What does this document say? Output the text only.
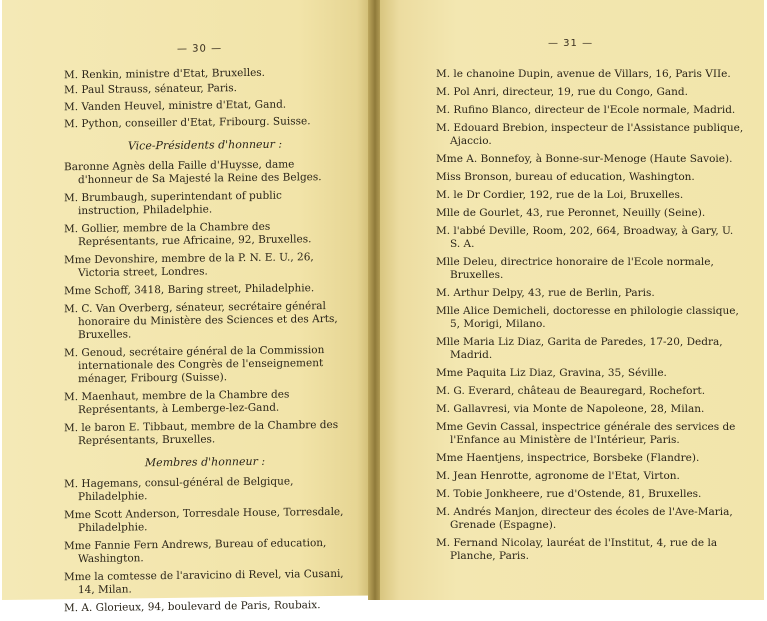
— 30 —
M. Renkin, ministre d'Etat, Bruxelles.
M. Paul Strauss, sénateur, Paris.
M. Vanden Heuvel, ministre d'Etat, Gand.
M. Python, conseiller d'Etat, Fribourg. Suisse.
Vice-Présidents d'honneur :
Baronne Agnès della Faille d'Huysse, dame d'honneur de Sa Majesté la Reine des Belges.
M. Brumbaugh, superintendant of public instruction, Philadelphie.
M. Gollier, membre de la Chambre des Représentants, rue Africaine, 92, Bruxelles.
Mme Devonshire, membre de la P. N. E. U., 26, Victoria street, Londres.
Mme Schoff, 3418, Baring street, Philadelphie.
M. C. Van Overberg, sénateur, secrétaire général honoraire du Ministère des Sciences et des Arts, Bruxelles.
M. Genoud, secrétaire général de la Commission internationale des Congrès de l'enseignement ménager, Fribourg (Suisse).
M. Maenhaut, membre de la Chambre des Représentants, à Lemberge-lez-Gand.
M. le baron E. Tibbaut, membre de la Chambre des Représentants, Bruxelles.
Membres d'honneur :
M. Hagemans, consul-général de Belgique, Philadelphie.
Mme Scott Anderson, Torresdale House, Torresdale, Philadelphie.
Mme Fannie Fern Andrews, Bureau of education, Washington.
Mme la comtesse de l'aravicino di Revel, via Cusani, 14, Milan.
M. A. Glorieux, 94, boulevard de Paris, Roubaix.
— 31 —
M. le chanoine Dupin, avenue de Villars, 16, Paris VIIe.
M. Pol Anri, directeur, 19, rue du Congo, Gand.
M. Rufino Blanco, directeur de l'Ecole normale, Madrid.
M. Edouard Brebion, inspecteur de l'Assistance publique, Ajaccio.
Mme A. Bonnefoy, à Bonne-sur-Menoge (Haute Savoie).
Miss Bronson, bureau of education, Washington.
M. le Dr Cordier, 192, rue de la Loi, Bruxelles.
Mlle de Gourlet, 43, rue Peronnet, Neuilly (Seine).
M. l'abbé Deville, Room, 202, 664, Broadway, à Gary, U. S. A.
Mlle Deleu, directrice honoraire de l'Ecole normale, Bruxelles.
M. Arthur Delpy, 43, rue de Berlin, Paris.
Mlle Alice Demicheli, doctoresse en philologie classique, 5, Morigi, Milano.
Mlle Maria Liz Diaz, Garita de Paredes, 17-20, Dedra, Madrid.
Mme Paquita Liz Diaz, Gravina, 35, Séville.
M. G. Everard, château de Beauregard, Rochefort.
M. Gallavresi, via Monte de Napoleone, 28, Milan.
Mme Gevin Cassal, inspectrice générale des services de l'Enfance au Ministère de l'Intérieur, Paris.
Mme Haentjens, inspectrice, Borsbeke (Flandre).
M. Jean Henrotte, agronome de l'Etat, Virton.
M. Tobie Jonkheere, rue d'Ostende, 81, Bruxelles.
M. Andrés Manjon, directeur des écoles de l'Ave-Maria, Grenade (Espagne).
M. Fernand Nicolay, lauréat de l'Institut, 4, rue de la Planche, Paris.
